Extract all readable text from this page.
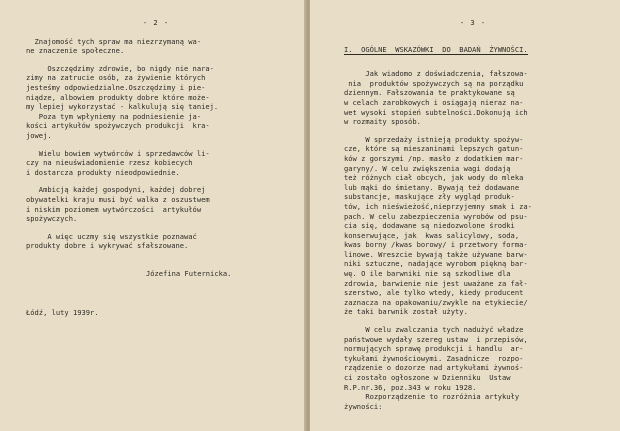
- 2 -

Znajomość tych spraw ma niezrzymaną wa-
ne znaczenie społeczne.

Oszczędzimy zdrowie, bo nigdy nie nara-
zimy na zatrucie osób, za żywienie których
jesteśmy odpowiedzialne.Oszczędzimy i pie-
niądze, albowiem produkty dobre które może-
my lepiej wykorzystać - kalkulują się taniej.
Poza tym wpłyniemy na podniesienie ja-
kości artykułów spożywczych produkcji  kra-
jowej.

Wielu bowiem wytwórców i sprzedawców li-
czy na nieuświadomienie rzesz kobiecych
i dostarcza produkty nieodpowiednie.

Ambicją każdej gospodyni, każdej dobrej
obywatelki kraju musi być walka z oszustwem
i niskim poziomem wytwórczości  artykułów
spożywczych.

A więc uczmy się wszystkie poznawać
produkty dobre i wykrywać sfałszowane.

Józefina Futernicka.
Łódź, luty 1939r.
- 3 -
I.  OGÓLNE  WSKAZÓWKI  DO  BADAŃ  ŻYWNOŚCI.

Jak wiadomo z doświadczenia, fałszowa-
nia  produktów spożywczych są na porządku
dziennym. Fałszowania te praktykowane są
w celach zarobkowych i osiągają nieraz na-
wet wysoki stopień subtelności.Dokonują ich
w rozmaity sposób.

W sprzedaży istnieją produkty spożyw-
cze, które są mieszaninami lepszych gatun-
ków z gorszymi /np. masło z dodatkiem mar-
garyny/. W celu zwiększenia wagi dodają
też różnych ciał obcych, jak wody do mleka
lub mąki do śmietany. Bywają też dodawane
substancje, maskujące zły wygląd produk-
tów, ich nieświeżość,nieprzyjemny smak i za-
pach. W celu zabezpieczenia wyrobów od psu-
cia się, dodawane są niedozwolone środki
konserwujące, jak  kwas salicylowy, soda,
kwas borny /kwas borowy/ i przetwory forma-
linowe. Wreszcie bywają także używane barw-
niki sztuczne, nadające wyrobom piękną bar-
wę. O ile barwniki nie są szkodliwe dla
zdrowia, barwienie nie jest uważane za fał-
szerstwo, ale tylko wtedy, kiedy producent
zaznacza na opakowaniu/zwykle na etykiecie/
że taki barwnik został użyty.

W celu zwalczania tych nadużyć władze
państwowe wydały szereg ustaw  i przepisów,
normujących sprawę produkcji i handlu  ar-
tykułami żywnościowymi. Zasadnicze  rozpo-
rządzenie o dozorze nad artykułami żywnoś-
ci zostało ogłoszone w Dzienniku  Ustaw
R.P.nr.36, poz.343 w roku 1928.
Rozporządzenie to rozróżnia artykuły
żywności:
